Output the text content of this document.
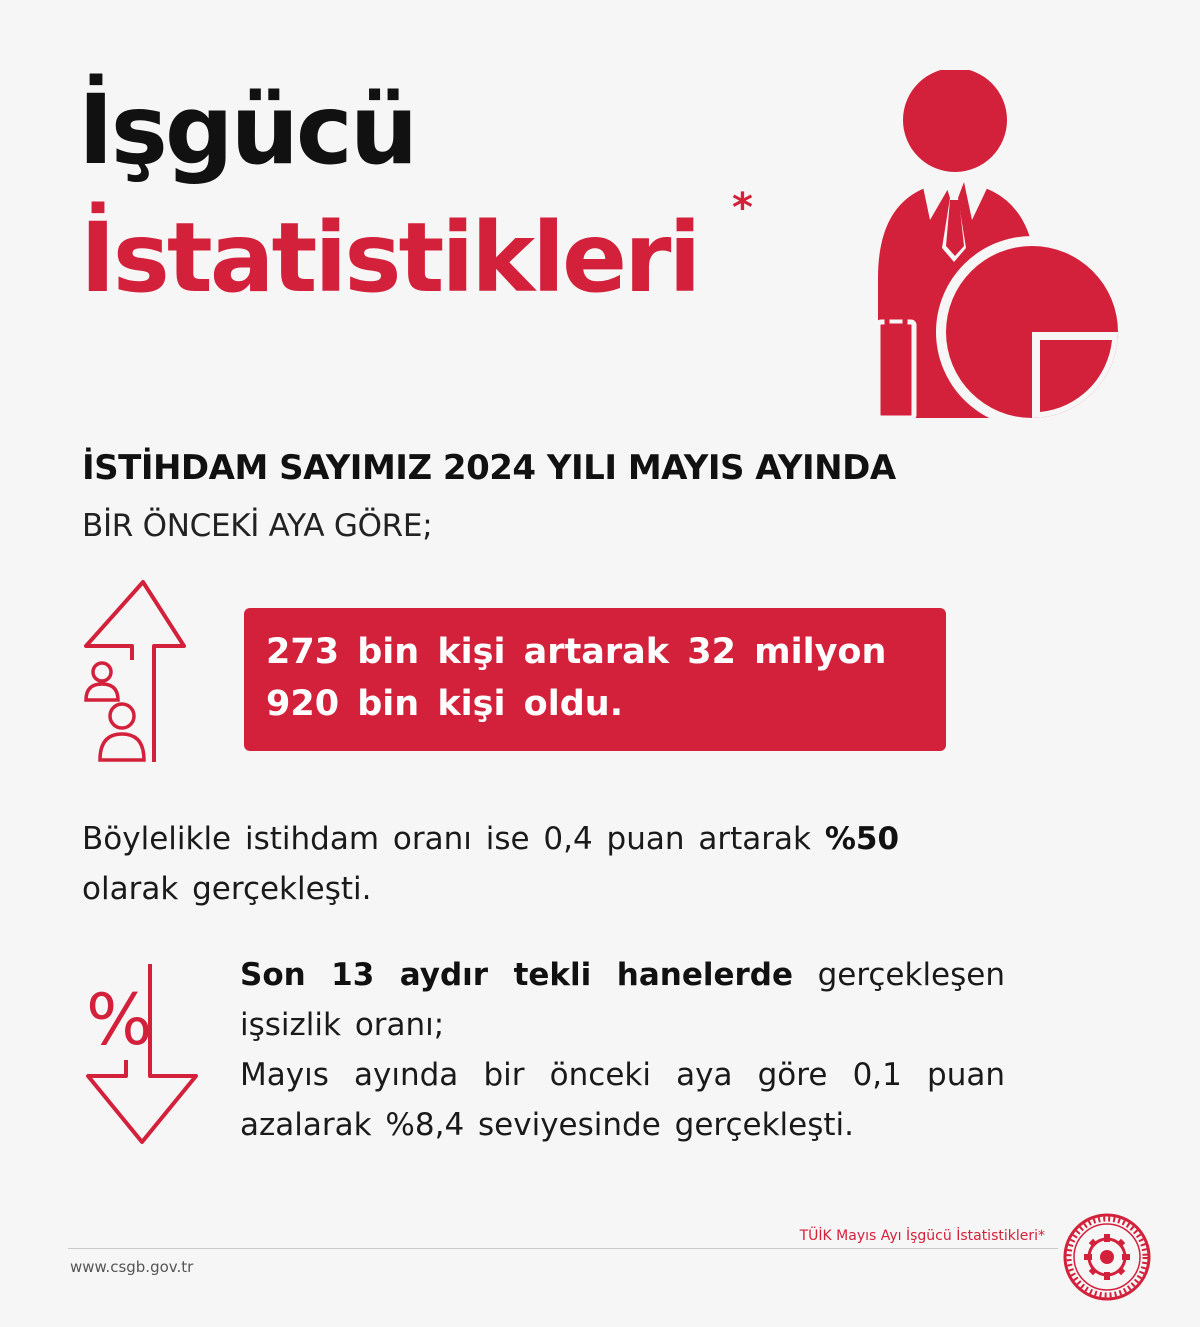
İşgücü
İstatistikleri *
İSTİHDAM SAYIMIZ 2024 YILI MAYIS AYINDA
BİR ÖNCEKİ AYA GÖRE;
273 bin kişi artarak 32 milyon
920 bin kişi oldu.
Böylelikle istihdam oranı ise 0,4 puan artarak %50
olarak gerçekleşti.
%
Son 13 aydır tekli hanelerde gerçekleşen
işsizlik oranı;
Mayıs ayında bir önceki aya göre 0,1 puan
azalarak %8,4 seviyesinde gerçekleşti.
TÜİK Mayıs Ayı İşgücü İstatistikleri*
www.csgb.gov.tr
